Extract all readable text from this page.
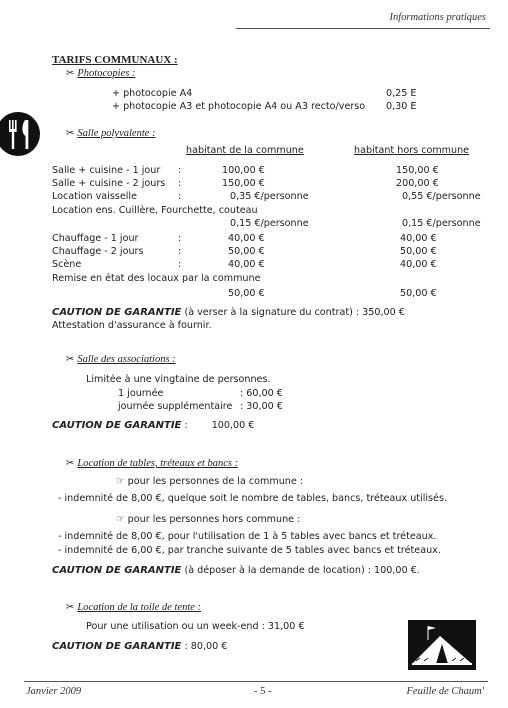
Informations pratiques
TARIFS COMMUNAUX :
✂ Photocopies :
+ photocopie A4	0,25 E
+ photocopie A3 et photocopie A4 ou A3 recto/verso 0,30 E
✂ Salle polyvalente :
habitant de la commune	habitant hors commune
Salle + cuisine - 1 jour :	100,00 €	150,00 €
Salle + cuisine - 2 jours :	150,00 €	200,00 €
Location vaisselle	:	0,35 €/personne	0,55 €/personne
Location ens. Cuillère, Fourchette, couteau
0,15 €/personne	0,15 €/personne
Chauffage - 1 jour	:	40,00 €	40,00 €
Chauffage - 2 jours	:	50,00 €	50,00 €
Scène	:	40,00 €	40,00 €
Remise en état des locaux par la commune
50,00 €	50,00 €
CAUTION DE GARANTIE (à verser à la signature du contrat) : 350,00 €
Attestation d'assurance à fournir.
✂ Salle des associations :
Limitée à une vingtaine de personnes.
1 journée	: 60,00 €
journée supplémentaire : 30,00 €
CAUTION DE GARANTIE :	100,00 €
✂ Location de tables, tréteaux et bancs :
☞ pour les personnes de la commune :
- indemnité de 8,00 €, quelque soit le nombre de tables, bancs, tréteaux utilisés.
☞ pour les personnes hors commune :
- indemnité de 8,00 €, pour l'utilisation de 1 à 5 tables avec bancs et tréteaux.
- indemnité de 6,00 €, par tranche suivante de 5 tables avec bancs et tréteaux.
CAUTION DE GARANTIE (à déposer à la demande de location) : 100,00 €.
✂ Location de la toile de tente :
Pour une utilisation ou un week-end : 31,00 €
CAUTION DE GARANTIE : 80,00 €
Janvier 2009	- 5 -	Feuille de Chaum'
